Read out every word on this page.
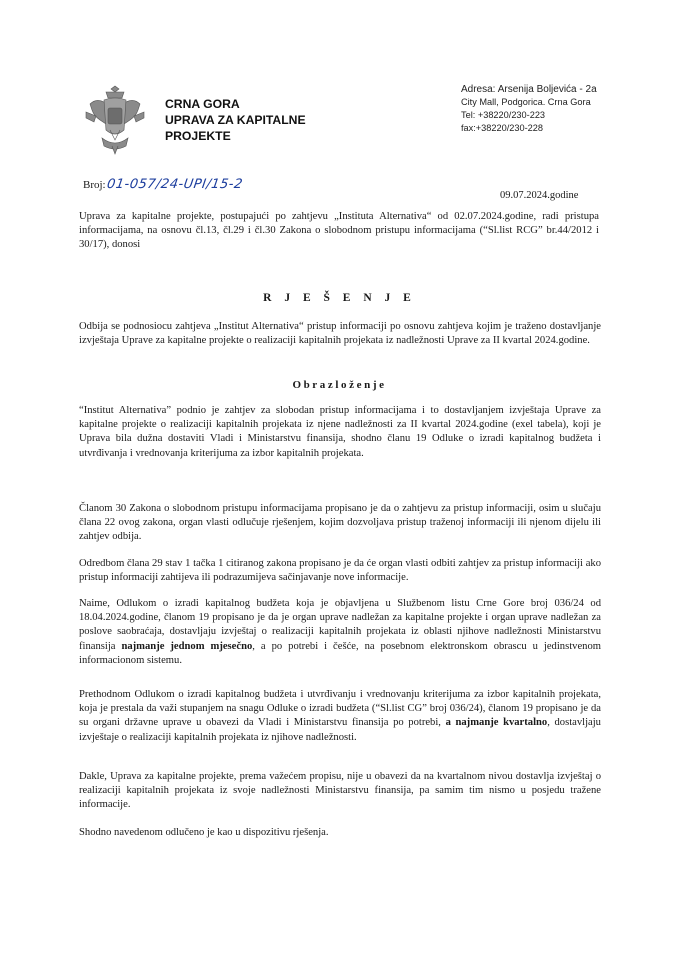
CRNA GORA
UPRAVA ZA KAPITALNE
PROJEKTE
Adresa: Arsenija Boljevića - 2a
City Mall, Podgorica. Crna Gora
Tel: +38220/230-223
fax:+38220/230-228
Broj: 01-057/24-UPI/15-2
09.07.2024.godine

Uprava za kapitalne projekte, postupajući po zahtjevu „Instituta Alternativa“ od 02.07.2024.godine, radi pristupa informacijama, na osnovu čl.13, čl.29 i čl.30 Zakona o slobodnom pristupu informacijama (“Sl.list RCG” br.44/2012 i 30/17), donosi

R J E Š E N J E

Odbija se podnosiocu zahtjeva „Institut Alternativa“ pristup informaciji po osnovu zahtjeva kojim je traženo dostavljanje izvještaja Uprave za kapitalne projekte o realizaciji kapitalnih projekata iz nadležnosti Uprave za II kvartal 2024.godine.

Obrazloženje

“Institut Alternativa” podnio je zahtjev za slobodan pristup informacijama i to dostavljanjem izvještaja Uprave za kapitalne projekte o realizaciji kapitalnih projekata iz njene nadležnosti za II kvartal 2024.godine (exel tabela), koji je Uprava bila dužna dostaviti Vladi i Ministarstvu finansija, shodno članu 19 Odluke o izradi kapitalnog budžeta i utvrđivanja i vrednovanja kriterijuma za izbor kapitalnih projekata.

Članom 30 Zakona o slobodnom pristupu informacijama propisano je da o zahtjevu za pristup informaciji, osim u slučaju člana 22 ovog zakona, organ vlasti odlučuje rješenjem, kojim dozvoljava pristup traženoj informaciji ili njenom dijelu ili zahtjev odbija.

Odredbom člana 29 stav 1 tačka 1 citiranog zakona propisano je da će organ vlasti odbiti zahtjev za pristup informaciji ako pristup informaciji zahtijeva ili podrazumijeva sačinjavanje nove informacije.

Naime, Odlukom o izradi kapitalnog budžeta koja je objavljena u Službenom listu Crne Gore broj 036/24 od 18.04.2024.godine, članom 19 propisano je da je organ uprave nadležan za kapitalne projekte i organ uprave nadležan za poslove saobraćaja, dostavljaju izvještaj o realizaciji kapitalnih projekata iz oblasti njihove nadležnosti Ministarstvu finansija najmanje jednom mjesečno, a po potrebi i češće, na posebnom elektronskom obrascu u jedinstvenom informacionom sistemu.

Prethodnom Odlukom o izradi kapitalnog budžeta i utvrđivanju i vrednovanju kriterijuma za izbor kapitalnih projekata, koja je prestala da važi stupanjem na snagu Odluke o izradi budžeta (“Sl.list CG” broj 036/24), članom 19 propisano je da su organi državne uprave u obavezi da Vladi i Ministarstvu finansija po potrebi, a najmanje kvartalno, dostavljaju izvještaje o realizaciji kapitalnih projekata iz njihove nadležnosti.

Dakle, Uprava za kapitalne projekte, prema važećem propisu, nije u obavezi da na kvartalnom nivou dostavlja izvještaj o realizaciji kapitalnih projekata iz svoje nadležnosti Ministarstvu finansija, pa samim tim nismo u posjedu tražene informacije.

Shodno navedenom odlučeno je kao u dispozitivu rješenja.
